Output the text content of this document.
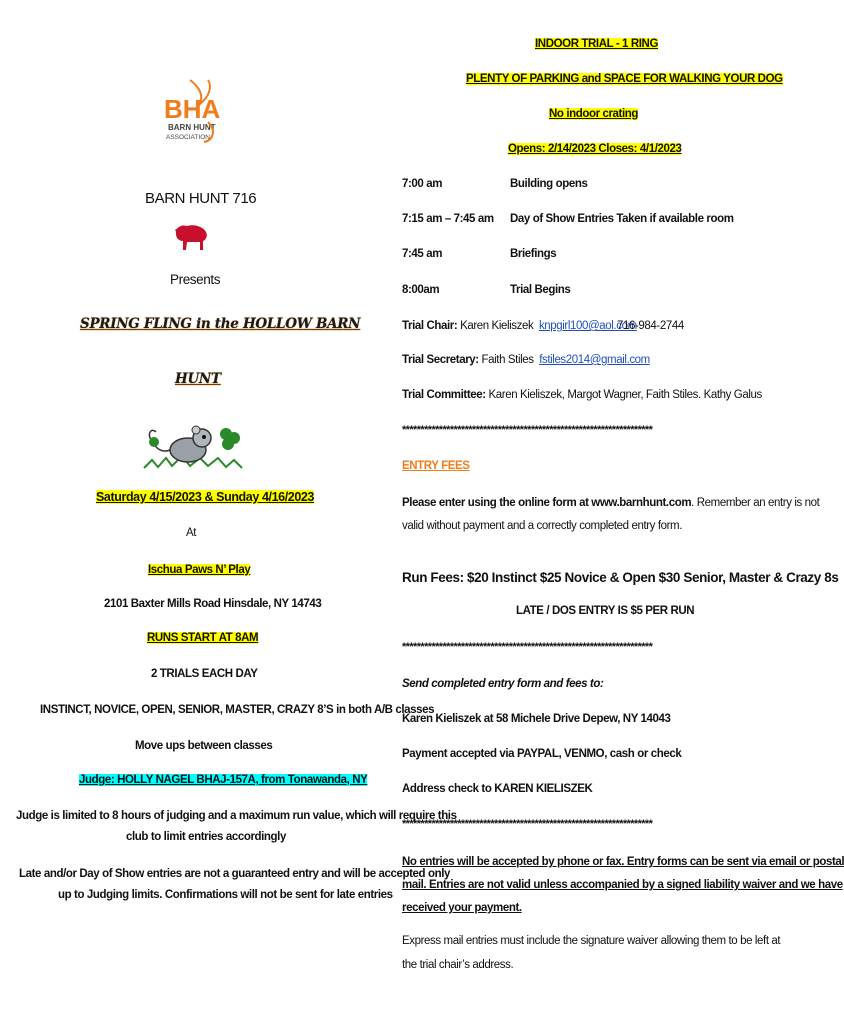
INDOOR TRIAL - 1 RING
PLENTY OF PARKING and SPACE FOR WALKING YOUR DOG
No indoor crating
Opens: 2/14/2023 Closes: 4/1/2023
BHA
BARN HUNT
ASSOCIATION
BARN HUNT 716
Presents
SPRING FLING in the HOLLOW BARN
HUNT
Saturday 4/15/2023 & Sunday 4/16/2023
At
Ischua Paws N’ Play
2101 Baxter Mills Road Hinsdale, NY 14743
RUNS START AT 8AM
2 TRIALS EACH DAY
INSTINCT, NOVICE, OPEN, SENIOR, MASTER, CRAZY 8’S in both A/B classes
Move ups between classes
Judge: HOLLY NAGEL BHAJ-157A, from Tonawanda, NY
Judge is limited to 8 hours of judging and a maximum run value, which will require this
club to limit entries accordingly
Late and/or Day of Show entries are not a guaranteed entry and will be accepted only
up to Judging limits. Confirmations will not be sent for late entries
7:00 am	Building opens
7:15 am – 7:45 am Day of Show Entries Taken if available room
7:45 am	Briefings
8:00am	Trial Begins
Trial Chair: Karen Kieliszek  knpgirl100@aol.com
716-984-2744
Trial Secretary: Faith Stiles  fstiles2014@gmail.com
Trial Committee: Karen Kieliszek, Margot Wagner, Faith Stiles. Kathy Galus
********************************************************************
ENTRY FEES
Please enter using the online form at www.barnhunt.com. Remember an entry is not
valid without payment and a correctly completed entry form.
Run Fees: $20 Instinct $25 Novice & Open $30 Senior, Master & Crazy 8s
LATE / DOS ENTRY IS $5 PER RUN
********************************************************************
Send completed entry form and fees to:
Karen Kieliszek at 58 Michele Drive Depew, NY 14043
Payment accepted via PAYPAL, VENMO, cash or check
Address check to KAREN KIELISZEK
********************************************************************
No entries will be accepted by phone or fax. Entry forms can be sent via email or postal
mail. Entries are not valid unless accompanied by a signed liability waiver and we have
received your payment.
Express mail entries must include the signature waiver allowing them to be left at
the trial chair’s address.
